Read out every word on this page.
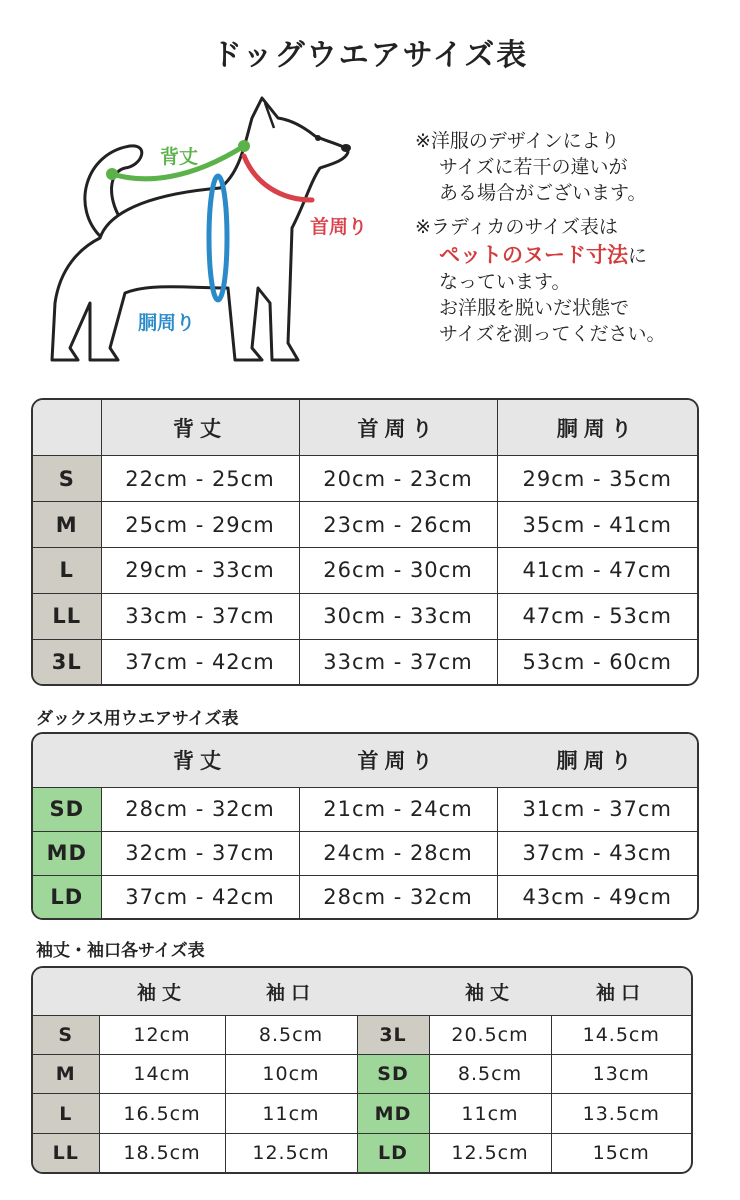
ドッグウエアサイズ表
背丈
首周り
胴周り
※洋服のデザインにより
サイズに若干の違いが
ある場合がございます。
※ラディカのサイズ表は
ペットのヌード寸法に
なっています。
お洋服を脱いだ状態で
サイズを測ってください。
	背丈	首周り	胴周り
S	22cm - 25cm	20cm - 23cm	29cm - 35cm
M	25cm - 29cm	23cm - 26cm	35cm - 41cm
L	29cm - 33cm	26cm - 30cm	41cm - 47cm
LL	33cm - 37cm	30cm - 33cm	47cm - 53cm
3L	37cm - 42cm	33cm - 37cm	53cm - 60cm
ダックス用ウエアサイズ表
	背丈	首周り	胴周り
SD	28cm - 32cm	21cm - 24cm	31cm - 37cm
MD	32cm - 37cm	24cm - 28cm	37cm - 43cm
LD	37cm - 42cm	28cm - 32cm	43cm - 49cm
袖丈・袖口各サイズ表
	袖丈	袖口		袖丈	袖口
S	12cm	8.5cm	3L	20.5cm	14.5cm
M	14cm	10cm	SD	8.5cm	13cm
L	16.5cm	11cm	MD	11cm	13.5cm
LL	18.5cm	12.5cm	LD	12.5cm	15cm
